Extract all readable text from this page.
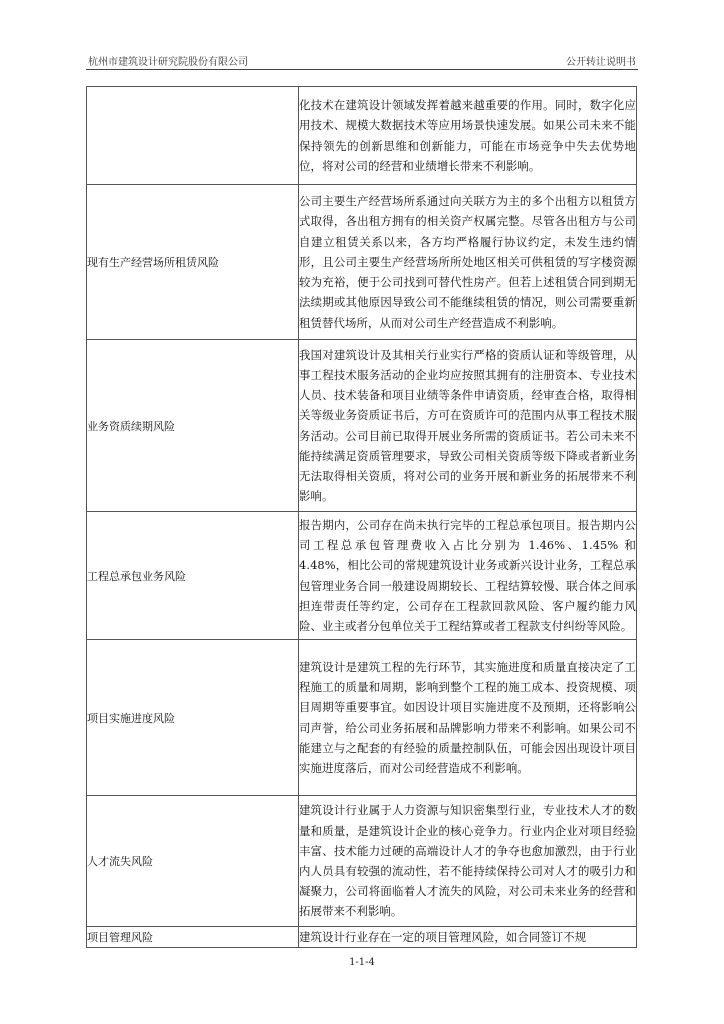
杭州市建筑设计研究院股份有限公司	公开转让说明书
	化技术在建筑设计领域发挥着越来越重要的作用。同时，数字化应用技术、规模大数据技术等应用场景快速发展。如果公司未来不能保持领先的创新思维和创新能力，可能在市场竞争中失去优势地位，将对公司的经营和业绩增长带来不利影响。
现有生产经营场所租赁风险	公司主要生产经营场所系通过向关联方为主的多个出租方以租赁方式取得，各出租方拥有的相关资产权属完整。尽管各出租方与公司自建立租赁关系以来，各方均严格履行协议约定，未发生违约情形，且公司主要生产经营场所所处地区相关可供租赁的写字楼资源较为充裕，便于公司找到可替代性房产。但若上述租赁合同到期无法续期或其他原因导致公司不能继续租赁的情况，则公司需要重新租赁替代场所，从而对公司生产经营造成不利影响。
业务资质续期风险	我国对建筑设计及其相关行业实行严格的资质认证和等级管理，从事工程技术服务活动的企业均应按照其拥有的注册资本、专业技术人员、技术装备和项目业绩等条件申请资质，经审查合格，取得相关等级业务资质证书后，方可在资质许可的范围内从事工程技术服务活动。公司目前已取得开展业务所需的资质证书。若公司未来不能持续满足资质管理要求，导致公司相关资质等级下降或者新业务无法取得相关资质，将对公司的业务开展和新业务的拓展带来不利影响。
工程总承包业务风险	报告期内，公司存在尚未执行完毕的工程总承包项目。报告期内公司工程总承包管理费收入占比分别为 1.46%、1.45% 和 4.48%，相比公司的常规建筑设计业务或新兴设计业务，工程总承包管理业务合同一般建设周期较长、工程结算较慢、联合体之间承担连带责任等约定，公司存在工程款回款风险、客户履约能力风险、业主或者分包单位关于工程结算或者工程款支付纠纷等风险。
项目实施进度风险	建筑设计是建筑工程的先行环节，其实施进度和质量直接决定了工程施工的质量和周期，影响到整个工程的施工成本、投资规模、项目周期等重要事宜。如因设计项目实施进度不及预期，还将影响公司声誉，给公司业务拓展和品牌影响力带来不利影响。如果公司不能建立与之配套的有经验的质量控制队伍，可能会因出现设计项目实施进度落后，而对公司经营造成不利影响。
人才流失风险	建筑设计行业属于人力资源与知识密集型行业，专业技术人才的数量和质量，是建筑设计企业的核心竞争力。行业内企业对项目经验丰富、技术能力过硬的高端设计人才的争夺也愈加激烈，由于行业内人员具有较强的流动性，若不能持续保持公司对人才的吸引力和凝聚力，公司将面临着人才流失的风险，对公司未来业务的经营和拓展带来不利影响。
项目管理风险	建筑设计行业存在一定的项目管理风险，如合同签订不规
1-1-4
